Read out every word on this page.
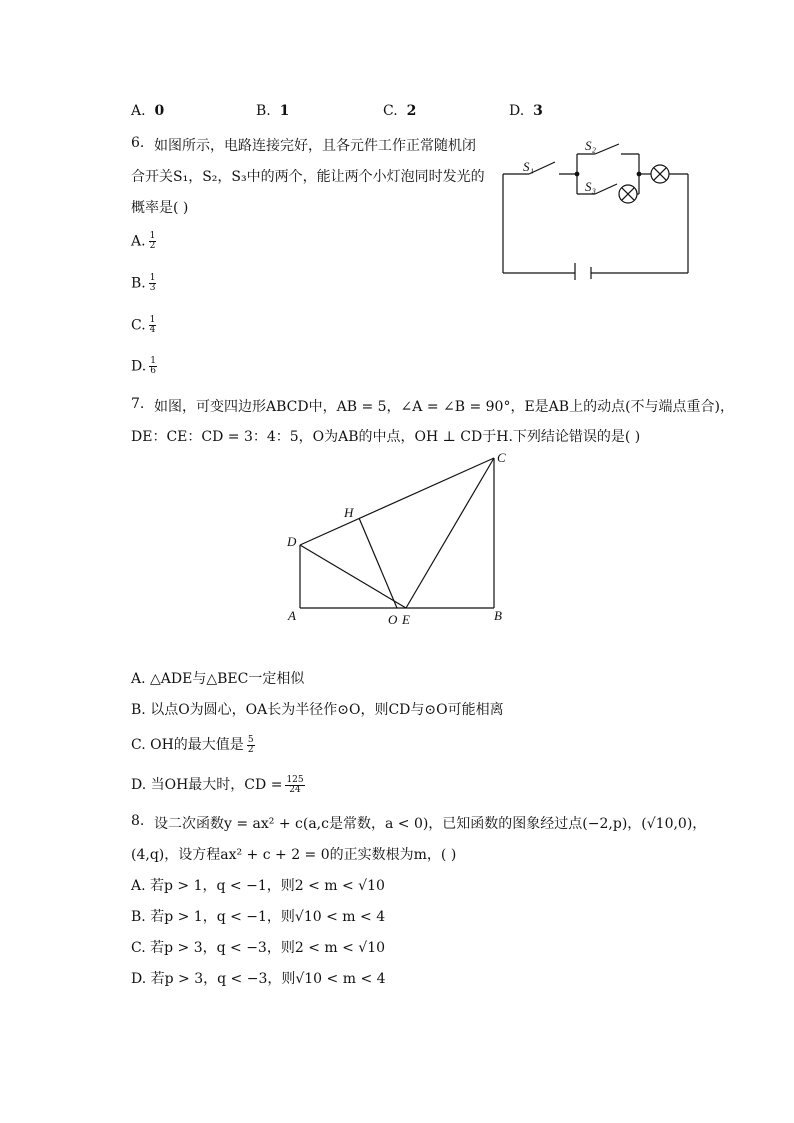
A. 0	B. 1	C. 2	D. 3
6. 如图所示，电路连接完好，且各元件工作正常随机闭
合开关S₁，S₂，S₃中的两个，能让两个小灯泡同时发光的
概率是( )
A. $\frac{1}{2}$
B. $\frac{1}{3}$
C. $\frac{1}{4}$
D. $\frac{1}{6}$
S₁
S₂
S₃
7. 如图，可变四边形ABCD中，AB = 5，∠A = ∠B = 90°，E是AB上的动点(不与端点重合)，
DE：CE：CD = 3：4：5，O为AB的中点，OH ⊥ CD于H.下列结论错误的是( )
A	B
C
D
H
O E
A. △ADE与△BEC一定相似
B. 以点O为圆心，OA长为半径作⊙O，则CD与⊙O可能相离
C. OH的最大值是 $\frac{5}{2}$
D. 当OH最大时，CD = $\frac{125}{24}$
8. 设二次函数y = ax² + c(a,c是常数，a < 0)，已知函数的图象经过点(−2,p)，(√10,0)，
(4,q)，设方程ax² + c + 2 = 0的正实数根为m，( )
A. 若p > 1，q < −1，则2 < m < √10
B. 若p > 1，q < −1，则√10 < m < 4
C. 若p > 3，q < −3，则2 < m < √10
D. 若p > 3，q < −3，则√10 < m < 4
